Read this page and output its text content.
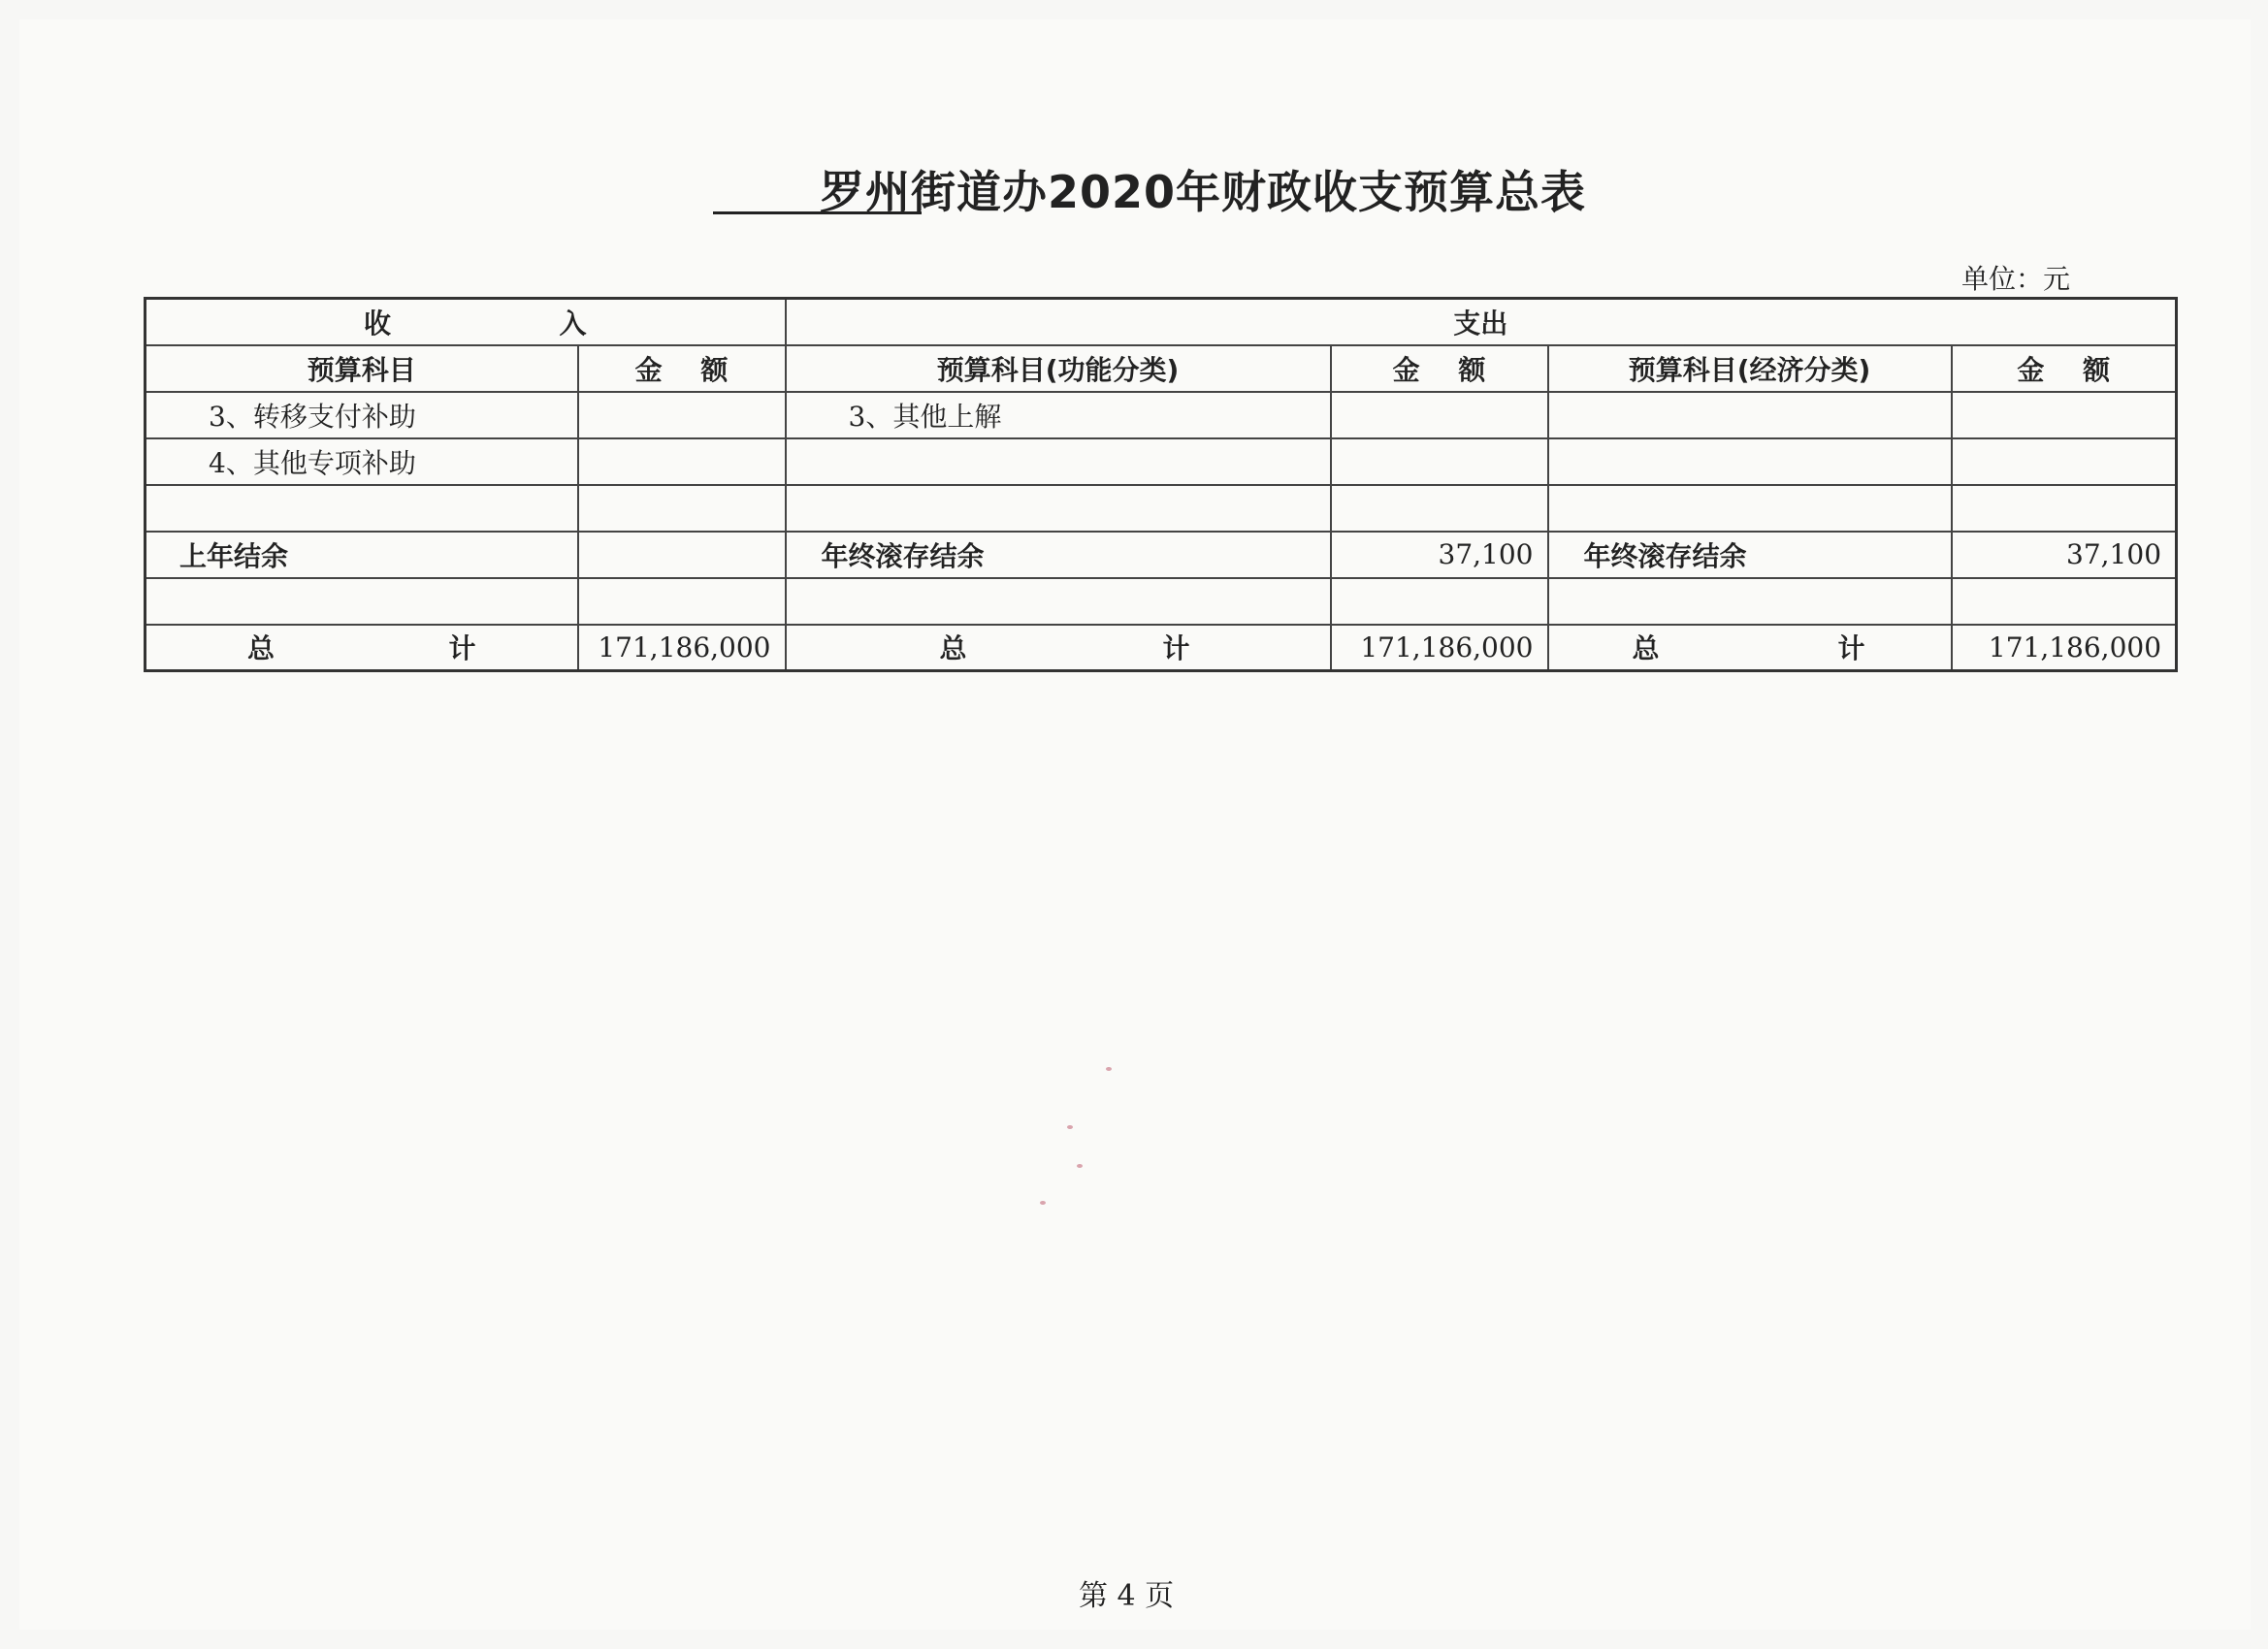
罗州街道办2020年财政收支预算总表
单位：元
收 入		支出			
预算科目	金 额	预算科目(功能分类)	金 额	预算科目(经济分类)	金 额
3、转移支付补助		3、其他上解			
4、其他专项补助					

上年结余		年终滚存结余	37,100	年终滚存结余	37,100

总 计	171,186,000	总 计	171,186,000	总 计	171,186,000
第 4 页
